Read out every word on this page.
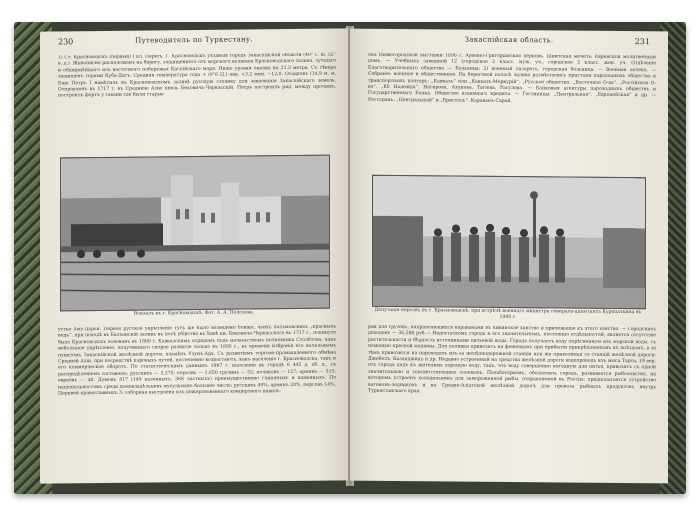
230	Путеводитель по Туркестану.
1) Ст. Красноводскъ (первый) I кл. Перегь. Г. Красноводскъ уѣздный городъ Закаспійской области (40° с. ш. 52° в. д.). Живописно расположенъ на берегу, защищенного отъ морского волненія Красноводскаго залива, лучшаго и обширнѣйшаго изъ восточного побережья Каспійскаго моря. Ниже уровня океана на 21,3 метра. Съ сѣвера защищенъ горами Куба-Дагъ. Средняя температура года + (8°6 Ц.) янв. +3,2 мин. −12,0. Осадковъ (14,9 м. м. Еще Петръ I намѣтилъ въ Красноводскомъ заливѣ русскую стоянку для завоеванія Закаспійскаго земель. Отправленъ въ 1717 г. въ Среднюю Азію князь Бековичъ-Черкасскій, Петръ построилъ ряд, между прочимъ, построилъ фортъ у гавани где были старые
Вокзалъ въ г. Красноводскѣ. Фот. А. А. Полозова.
устье Аму-Дарьи. Первое русское укрѣпленіе тутъ же было возведено ближе, чьихъ пальмовскихъ „красныхъ водъ“, при походѣ въ Балханскій заливъ въ посѣ убійства въ Хивѣ кн. Бековича-Черкасского въ 1717 г., покинуто было Красноводскъ основанъ въ 1869 г. Кавказскимъ отрядомъ подъ начальствомъ полковника Столѣтова, какъ небольшое укрѣпленіе, получившаго скорое развитіе только въ 1895 г., въ времени избранія его начальнымъ пунктомъ Закаспійской желѣзной дороги, взамѣнъ Узунъ-Ада. Съ развитіемъ торгово-промышленного обмѣна Средней Азіи, при посредствѣ паровыхъ путей, постепенно возрастаютъ, какъ населеніе г. Красноводска, такъ и его коммерческое оборотъ. По статистическимъ даннымъ 1907 г. населеніе въ городѣ 6 445 д. об. п., съ распредѣленіемъ составомъ: русскихъ — 3,275; персовъ — 1,650 грузинъ — 52; поляковъ — 127; армянъ — 515; евреевъ — 48. Домовъ 817 (149 казенныхъ, 368 частныхъ) преимущественно глиняныхъ и каменныхъ. По національностямъ среди домовладѣльцевъ мусульманъ большее число: русскихъ 49%, армянъ 20%, персовъ 14%, Церквей православныхъ 3; соборная выстроена изъ пожертвованнаго концертного павиль-
Закаспійская область.	231
она Нижегородской выставки 1896 г. Армяно-Григоріанская церковь. Шиитская мечеть; Еврейской молитвенный домъ. — Учебныхъ заведеній 12 (городское 2 класс. муж. уч., городское 2 класс. жен. уч. Отдѣленіе Благотворительнаго общества — Больница: 2) военный лазаретъ, городская больница. — Военная аптека. — Собраніе: военное и общественное. На береговой полосѣ залива размѣстились пристани пароходныхъ обществъ и транспортныхъ конторъ: „Кавказъ“ или „Кавказъ-Меркурій“, „Русское общество, „Восточное О-ва“, „Россійское О-во“, „Кѣ Надежда“, Нагирова, Ахунова, Тагіева, Расулова. — Банковыя агентуры пароходныхъ обществъ и Государственнаго Банка. Общество взаимнаго кредита. — Гостиницы: „Центральная“, „Европейская“ и др. — Ресторанъ: „Центральный“ и „Бристоль“. Караванъ-Сарай.
Депутація персовъ въ г. Красноводскѣ, при встрѣчѣ военнаго министра генерала-адъютанта Куропаткина въ 1900 г.
рай для грузовъ, направляющихся караванами въ Хивинское ханство и прилежащіе къ этого ханство. — Городскихъ доходовъ — 36.588 руб.— Недостаткомъ города и его значительнымъ, постоянно отдѣльностей, является отсутствіе растительности и бѣдность источниками питьевой воды. Городъ получаетъ воду опрѣсненную изъ морской воды, съ помощью пресной машины. Для поливки привозятъ на фешенкахъ при прибытіи прикрѣпленнымъ къ поѣздамъ, а за тѣмъ привозится на пароходахъ изъ-за желѣзнодорожной станціи или же привозимая со станцій желѣзной дороги: Джебелъ, Казанджикъ и др. Недавно устроенный на средства желѣзной дороги водопроводъ изъ мыса Тарта, 19 вер. отъ города дадъ къ жителямъ хорошую воду, такъ, что воду совершенно негодную для питья, привозятъ съ одной значительною и соответствующею солевыхъ. Позаботерьемъ, обозначить городъ, развивается рыболовство, на которомъ устроенъ холодильникъ для замороженной рыбы, отправляемой въ Россію; предполагается устройство вагоновъ-ледниковъ и на Средне-Азіатской желѣзной дорогѣ для провоза рыбныхъ продуктовъ внутрь Туркестанскаго края.
